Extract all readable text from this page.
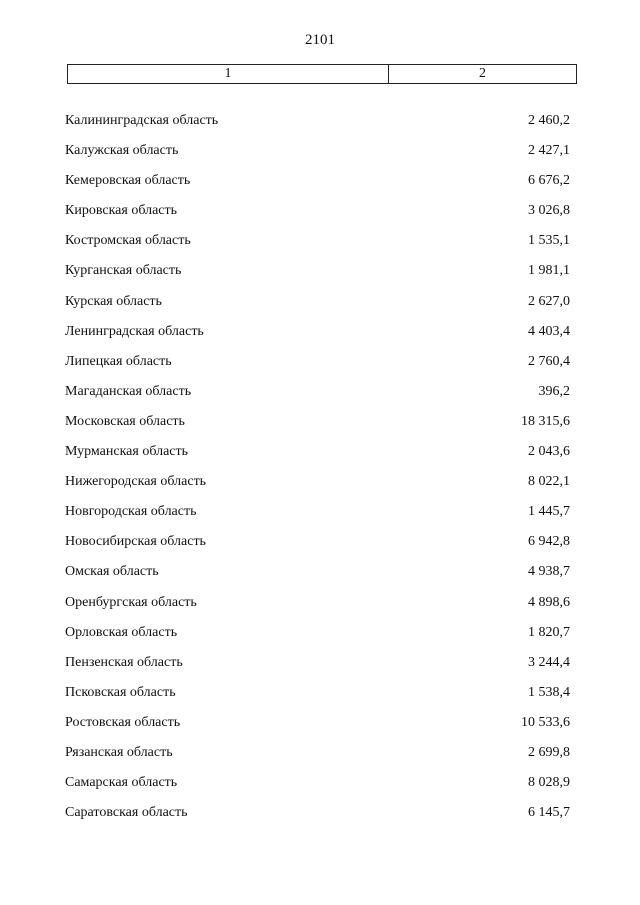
2101
1	2
Калининградская область	2 460,2
Калужская область	2 427,1
Кемеровская область	6 676,2
Кировская область	3 026,8
Костромская область	1 535,1
Курганская область	1 981,1
Курская область	2 627,0
Ленинградская область	4 403,4
Липецкая область	2 760,4
Магаданская область	396,2
Московская область	18 315,6
Мурманская область	2 043,6
Нижегородская область	8 022,1
Новгородская область	1 445,7
Новосибирская область	6 942,8
Омская область	4 938,7
Оренбургская область	4 898,6
Орловская область	1 820,7
Пензенская область	3 244,4
Псковская область	1 538,4
Ростовская область	10 533,6
Рязанская область	2 699,8
Самарская область	8 028,9
Саратовская область	6 145,7
